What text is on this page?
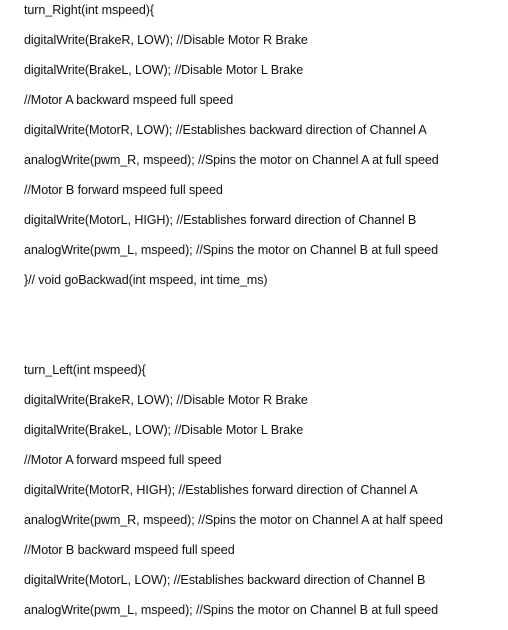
turn_Right(int mspeed){
digitalWrite(BrakeR, LOW); //Disable Motor R Brake
digitalWrite(BrakeL, LOW); //Disable Motor L Brake
//Motor A backward mspeed full speed
digitalWrite(MotorR, LOW); //Establishes backward direction of Channel A
analogWrite(pwm_R, mspeed); //Spins the motor on Channel A at full speed
//Motor B forward mspeed full speed
digitalWrite(MotorL, HIGH); //Establishes forward direction of Channel B
analogWrite(pwm_L, mspeed); //Spins the motor on Channel B at full speed
}// void goBackwad(int mspeed, int time_ms)
turn_Left(int mspeed){
digitalWrite(BrakeR, LOW); //Disable Motor R Brake
digitalWrite(BrakeL, LOW); //Disable Motor L Brake
//Motor A forward mspeed full speed
digitalWrite(MotorR, HIGH); //Establishes forward direction of Channel A
analogWrite(pwm_R, mspeed); //Spins the motor on Channel A at half speed
//Motor B backward mspeed full speed
digitalWrite(MotorL, LOW); //Establishes backward direction of Channel B
analogWrite(pwm_L, mspeed); //Spins the motor on Channel B at full speed
